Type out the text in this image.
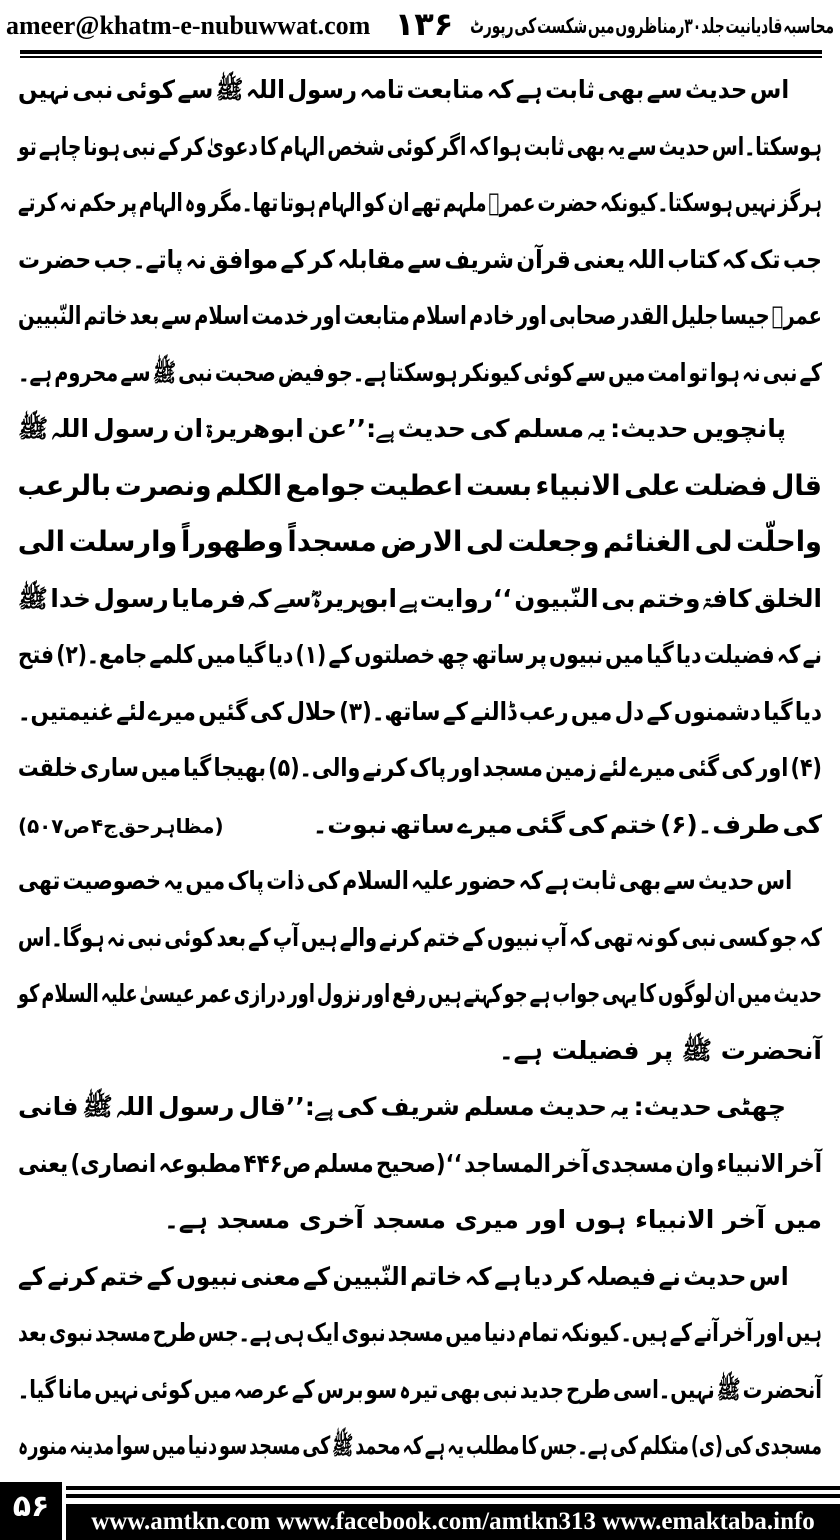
ameer@khatm-e-nubuwwat.com ۱۳۶ محاسبہ قادیانیت جلد۳۰رمناظروں میں شکست کی رپورٹ
اس حدیث سے بھی ثابت ہے کہ متابعت تامہ رسول اللہ ﷺ سے کوئی نبی نہیں
ہوسکتا۔اس حدیث سے یہ بھی ثابت ہوا کہ اگر کوئی شخص الہام کا دعویٰ کر کے نبی ہونا چاہے تو
ہرگز نہیں ہوسکتا۔کیونکہ حضرت عمرؓ ملہم تھے ان کو الہام ہوتا تھا۔مگر وہ الہام پر حکم نہ کرتے
جب تک کہ کتاب اللہ یعنی قرآن شریف سے مقابلہ کر کے موافق نہ پاتے۔جب حضرت
عمرؓ جیسا جلیل القدر صحابی اور خادم اسلام متابعت اور خدمت اسلام سے بعد خاتم النّبیین
کے نبی نہ ہوا تو امت میں سے کوئی کیونکر ہوسکتا ہے۔جو فیض صحبت نبی ﷺ سے محروم ہے۔
پانچویں حدیث: یہ مسلم کی حدیث ہے:’’عن ابوھریرۃ ان رسول اللہ ﷺ
قال فضلت علی الانبیاء بست اعطیت جوامع الکلم ونصرت بالرعب
واحلّت لی الغنائم وجعلت لی الارض مسجداً وطھوراً وارسلت الی
الخلق کافۃ وختم بی النّبیون ‘‘روایت ہے ابوہریرہؓ سے کہ فرمایا رسول خدا ﷺ
نے کہ فضیلت دیا گیا میں نبیوں پر ساتھ چھ خصلتوں کے (۱) دیا گیا میں کلمے جامع۔(۲) فتح
دیا گیا دشمنوں کے دل میں رعب ڈالنے کے ساتھ۔(۳) حلال کی گئیں میرے لئے غنیمتیں۔
(۴) اور کی گئی میرے لئے زمین مسجد اور پاک کرنے والی۔(۵) بھیجا گیا میں ساری خلقت
کی طرف۔(۶) ختم کی گئی میرے ساتھ نبوت۔(مظاہر حق ج۴ ص۵۰۷)
اس حدیث سے بھی ثابت ہے کہ حضور علیہ السلام کی ذات پاک میں یہ خصوصیت تھی
کہ جو کسی نبی کو نہ تھی کہ آپ نبیوں کے ختم کرنے والے ہیں آپ کے بعد کوئی نبی نہ ہوگا۔اس
حدیث میں ان لوگوں کا یہی جواب ہے جو کہتے ہیں رفع اور نزول اور درازی عمر عیسیٰ علیہ السلام کو
آنحضرت ﷺ پر فضیلت ہے۔
چھٹی حدیث: یہ حدیث مسلم شریف کی ہے:’’قال رسول اللہ ﷺ فانی
آخر الانبیاء وان مسجدی آخر المساجد ‘‘(صحیح مسلم ص۴۴۶ مطبوعہ انصاری) یعنی
میں آخر الانبیاء ہوں اور میری مسجد آخری مسجد ہے۔
اس حدیث نے فیصلہ کر دیا ہے کہ خاتم النّبیین کے معنی نبیوں کے ختم کرنے کے
ہیں اور آخر آنے کے ہیں۔کیونکہ تمام دنیا میں مسجد نبوی ایک ہی ہے۔جس طرح مسجد نبوی بعد
آنحضرت ﷺ نہیں۔اسی طرح جدید نبی بھی تیرہ سو برس کے عرصہ میں کوئی نہیں مانا گیا۔
مسجدی کی (ی) متکلم کی ہے۔جس کا مطلب یہ ہے کہ محمد ﷺ کی مسجد سو دنیا میں سوا مدینہ منورہ
۵۶	www.amtkn.com www.facebook.com/amtkn313 www.emaktaba.info
